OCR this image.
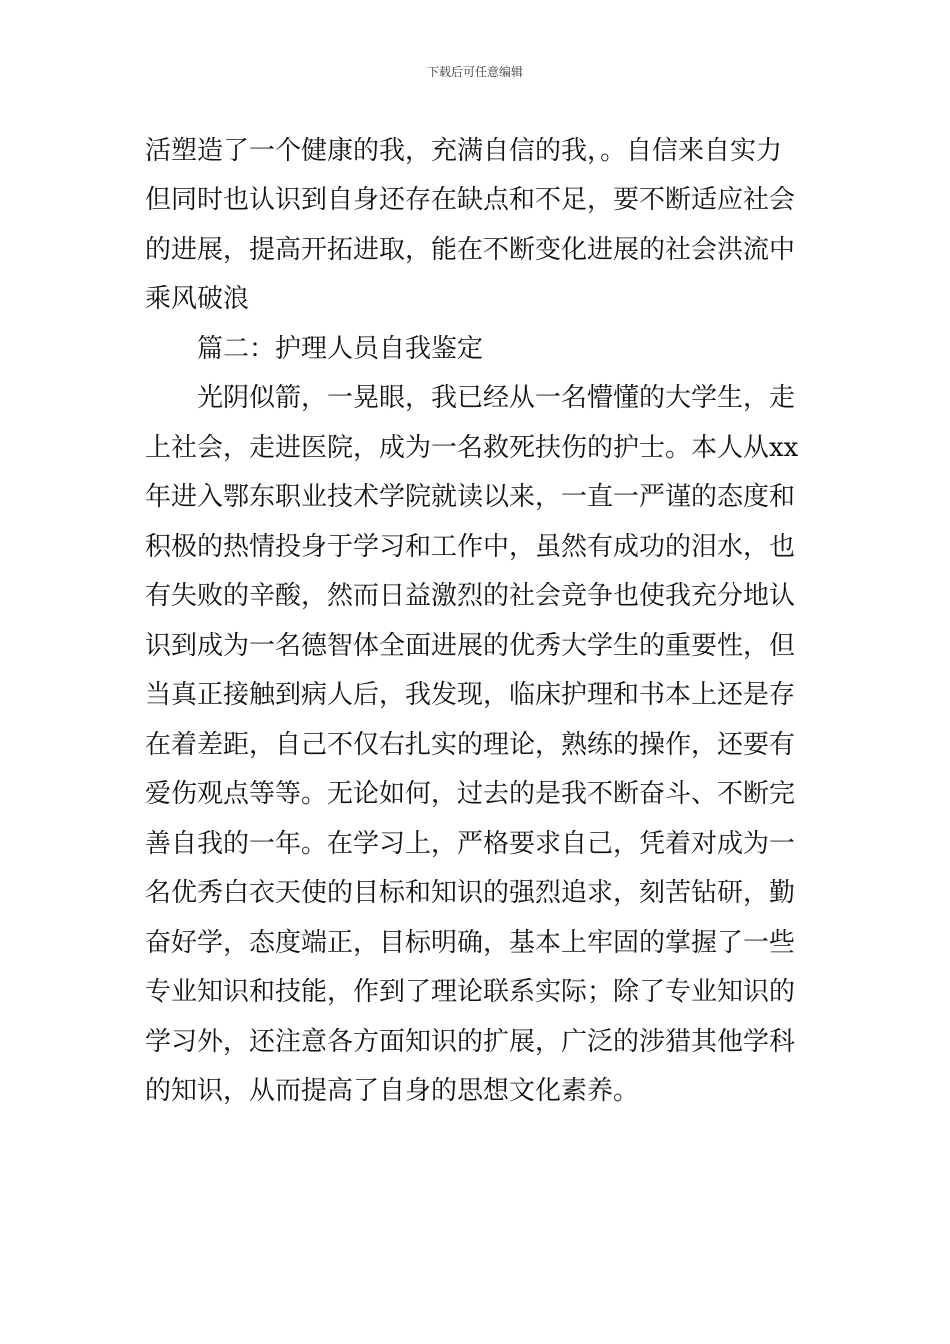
下载后可任意编辑
活塑造了一个健康的我，充满自信的我，。自信来自实力
但同时也认识到自身还存在缺点和不足，要不断适应社会
的进展，提高开拓进取，能在不断变化进展的社会洪流中
乘风破浪
篇二：护理人员自我鉴定
光阴似箭，一晃眼，我已经从一名懵懂的大学生，走
上社会，走进医院，成为一名救死扶伤的护士。本人从xx
年进入鄂东职业技术学院就读以来，一直一严谨的态度和
积极的热情投身于学习和工作中，虽然有成功的泪水，也
有失败的辛酸，然而日益激烈的社会竞争也使我充分地认
识到成为一名德智体全面进展的优秀大学生的重要性，但
当真正接触到病人后，我发现，临床护理和书本上还是存
在着差距，自己不仅右扎实的理论，熟练的操作，还要有
爱伤观点等等。无论如何，过去的是我不断奋斗、不断完
善自我的一年。在学习上，严格要求自己，凭着对成为一
名优秀白衣天使的目标和知识的强烈追求，刻苦钻研，勤
奋好学，态度端正，目标明确，基本上牢固的掌握了一些
专业知识和技能，作到了理论联系实际；除了专业知识的
学习外，还注意各方面知识的扩展，广泛的涉猎其他学科
的知识，从而提高了自身的思想文化素养。
